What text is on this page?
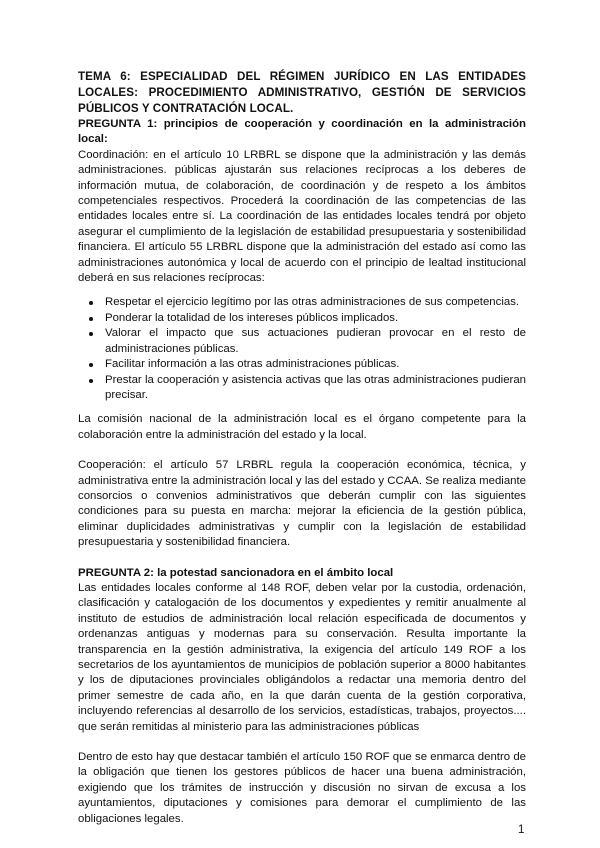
TEMA 6: ESPECIALIDAD DEL RÉGIMEN JURÍDICO EN LAS ENTIDADES LOCALES: PROCEDIMIENTO ADMINISTRATIVO, GESTIÓN DE SERVICIOS PÚBLICOS Y CONTRATACIÓN LOCAL.

PREGUNTA 1: principios de cooperación y coordinación en la administración local:

Coordinación: en el artículo 10 LRBRL se dispone que la administración y las demás administraciones. públicas ajustarán sus relaciones recíprocas a los deberes de información mutua, de colaboración, de coordinación y de respeto a los ámbitos competenciales respectivos. Procederá la coordinación de las competencias de las entidades locales entre sí. La coordinación de las entidades locales tendrá por objeto asegurar el cumplimiento de la legislación de estabilidad presupuestaria y sostenibilidad financiera. El artículo 55 LRBRL dispone que la administración del estado así como las administraciones autonómica y local de acuerdo con el principio de lealtad institucional deberá en sus relaciones recíprocas:

Respetar el ejercicio legítimo por las otras administraciones de sus competencias.
Ponderar la totalidad de los intereses públicos implicados.
Valorar el impacto que sus actuaciones pudieran provocar en el resto de administraciones públicas.
Facilitar información a las otras administraciones públicas.
Prestar la cooperación y asistencia activas que las otras administraciones pudieran precisar.
La comisión nacional de la administración local es el órgano competente para la colaboración entre la administración del estado y la local.
Cooperación: el artículo 57 LRBRL regula la cooperación económica, técnica, y administrativa entre la administración local y las del estado y CCAA. Se realiza mediante consorcios o convenios administrativos que deberán cumplir con las siguientes condiciones para su puesta en marcha: mejorar la eficiencia de la gestión pública, eliminar duplicidades administrativas y cumplir con la legislación de estabilidad presupuestaria y sostenibilidad financiera.

PREGUNTA 2: la potestad sancionadora en el ámbito local

Las entidades locales conforme al 148 ROF, deben velar por la custodia, ordenación, clasificación y catalogación de los documentos y expedientes y remitir anualmente al instituto de estudios de administración local relación especificada de documentos y ordenanzas antiguas y modernas para su conservación. Resulta importante la transparencia en la gestión administrativa, la exigencia del artículo 149 ROF a los secretarios de los ayuntamientos de municipios de población superior a 8000 habitantes y los de diputaciones provinciales obligándolos a redactar una memoria dentro del primer semestre de cada año, en la que darán cuenta de la gestión corporativa, incluyendo referencias al desarrollo de los servicios, estadísticas, trabajos, proyectos.... que serán remitidas al ministerio para las administraciones públicas

Dentro de esto hay que destacar también el artículo 150 ROF que se enmarca dentro de la obligación que tienen los gestores públicos de hacer una buena administración, exigiendo que los trámites de instrucción y discusión no sirvan de excusa a los ayuntamientos, diputaciones y comisiones para demorar el cumplimiento de las obligaciones legales.
1
